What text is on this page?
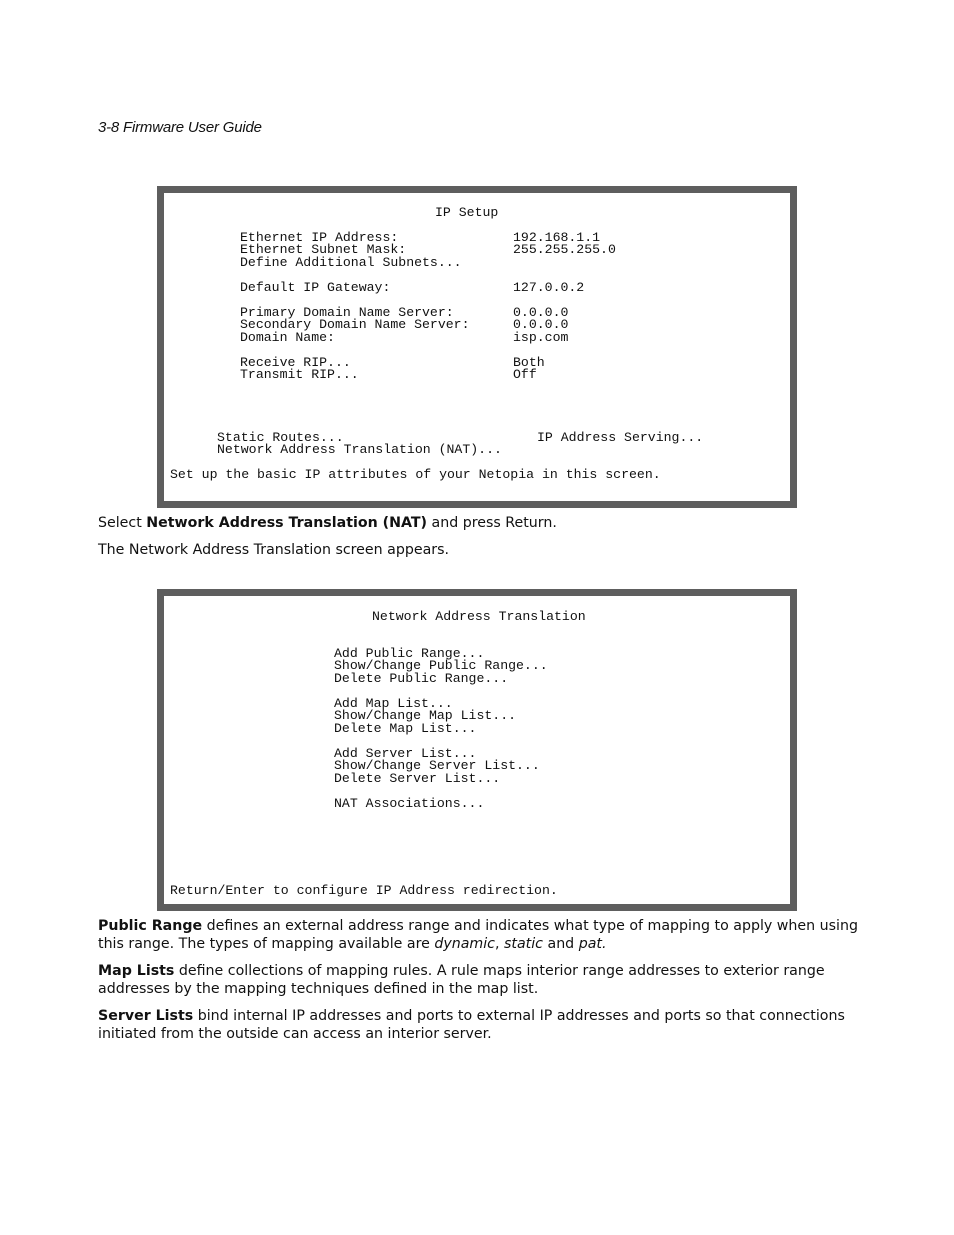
3-8 Firmware User Guide
IP Setup
Ethernet IP Address:	192.168.1.1
Ethernet Subnet Mask:	255.255.255.0
Define Additional Subnets...
Default IP Gateway:	127.0.0.2
Primary Domain Name Server:	0.0.0.0
Secondary Domain Name Server:	0.0.0.0
Domain Name:	isp.com
Receive RIP...	Both
Transmit RIP...	Off
Static Routes...	IP Address Serving...
Network Address Translation (NAT)...
Set up the basic IP attributes of your Netopia in this screen.
Select Network Address Translation (NAT) and press Return.
The Network Address Translation screen appears.
Network Address Translation
Add Public Range...
Show/Change Public Range...
Delete Public Range...
Add Map List...
Show/Change Map List...
Delete Map List...
Add Server List...
Show/Change Server List...
Delete Server List...
NAT Associations...
Return/Enter to configure IP Address redirection.
Public Range defines an external address range and indicates what type of mapping to apply when using this range. The types of mapping available are dynamic, static and pat.
Map Lists define collections of mapping rules. A rule maps interior range addresses to exterior range addresses by the mapping techniques defined in the map list.
Server Lists bind internal IP addresses and ports to external IP addresses and ports so that connections initiated from the outside can access an interior server.
